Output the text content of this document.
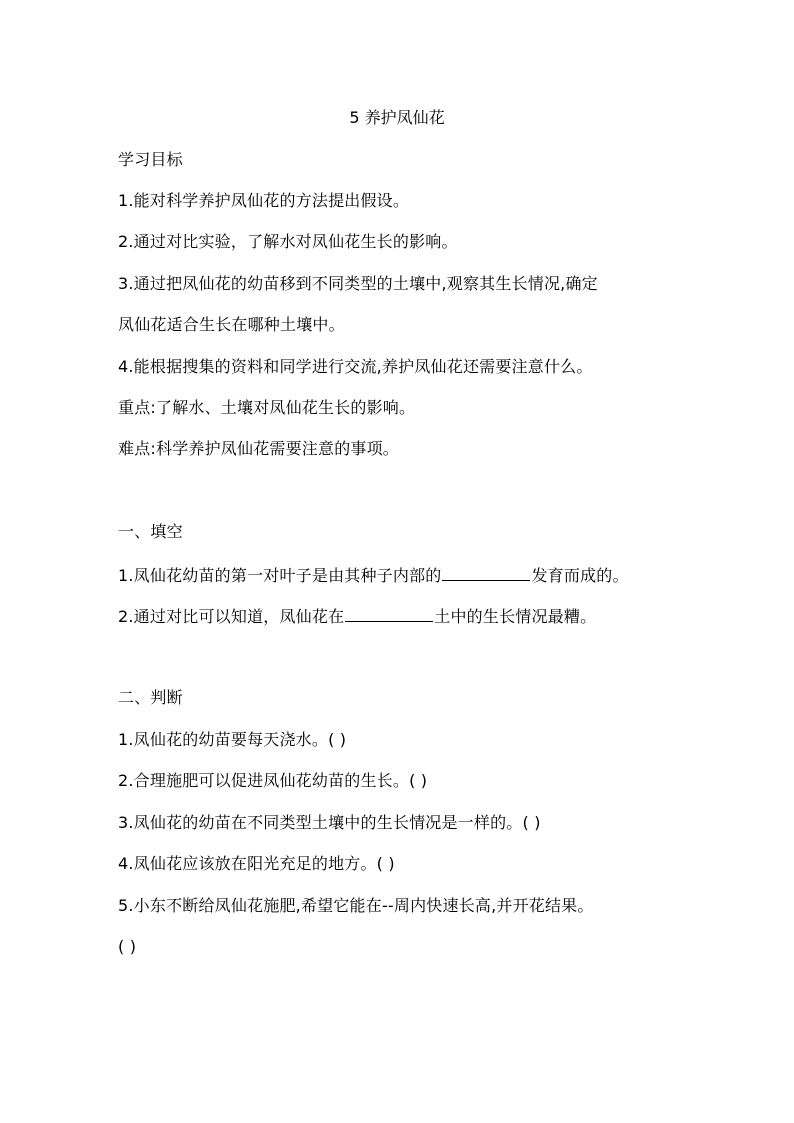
5 养护凤仙花
学习目标
1.能对科学养护凤仙花的方法提出假设。
2.通过对比实验，了解水对凤仙花生长的影响。
3.通过把凤仙花的幼苗移到不同类型的土壤中,观察其生长情况,确定
凤仙花适合生长在哪种土壤中。
4.能根据搜集的资料和同学进行交流,养护凤仙花还需要注意什么。
重点:了解水、土壤对凤仙花生长的影响。
难点:科学养护凤仙花需要注意的事项。
一、填空
1.凤仙花幼苗的第一对叶子是由其种子内部的	发育而成的。
2.通过对比可以知道，凤仙花在	土中的生长情况最糟。
二、判断
1.凤仙花的幼苗要每天浇水。( )
2.合理施肥可以促进凤仙花幼苗的生长。( )
3.凤仙花的幼苗在不同类型土壤中的生长情况是一样的。( )
4.凤仙花应该放在阳光充足的地方。( )
5.小东不断给凤仙花施肥,希望它能在--周内快速长高,并开花结果。
( )
